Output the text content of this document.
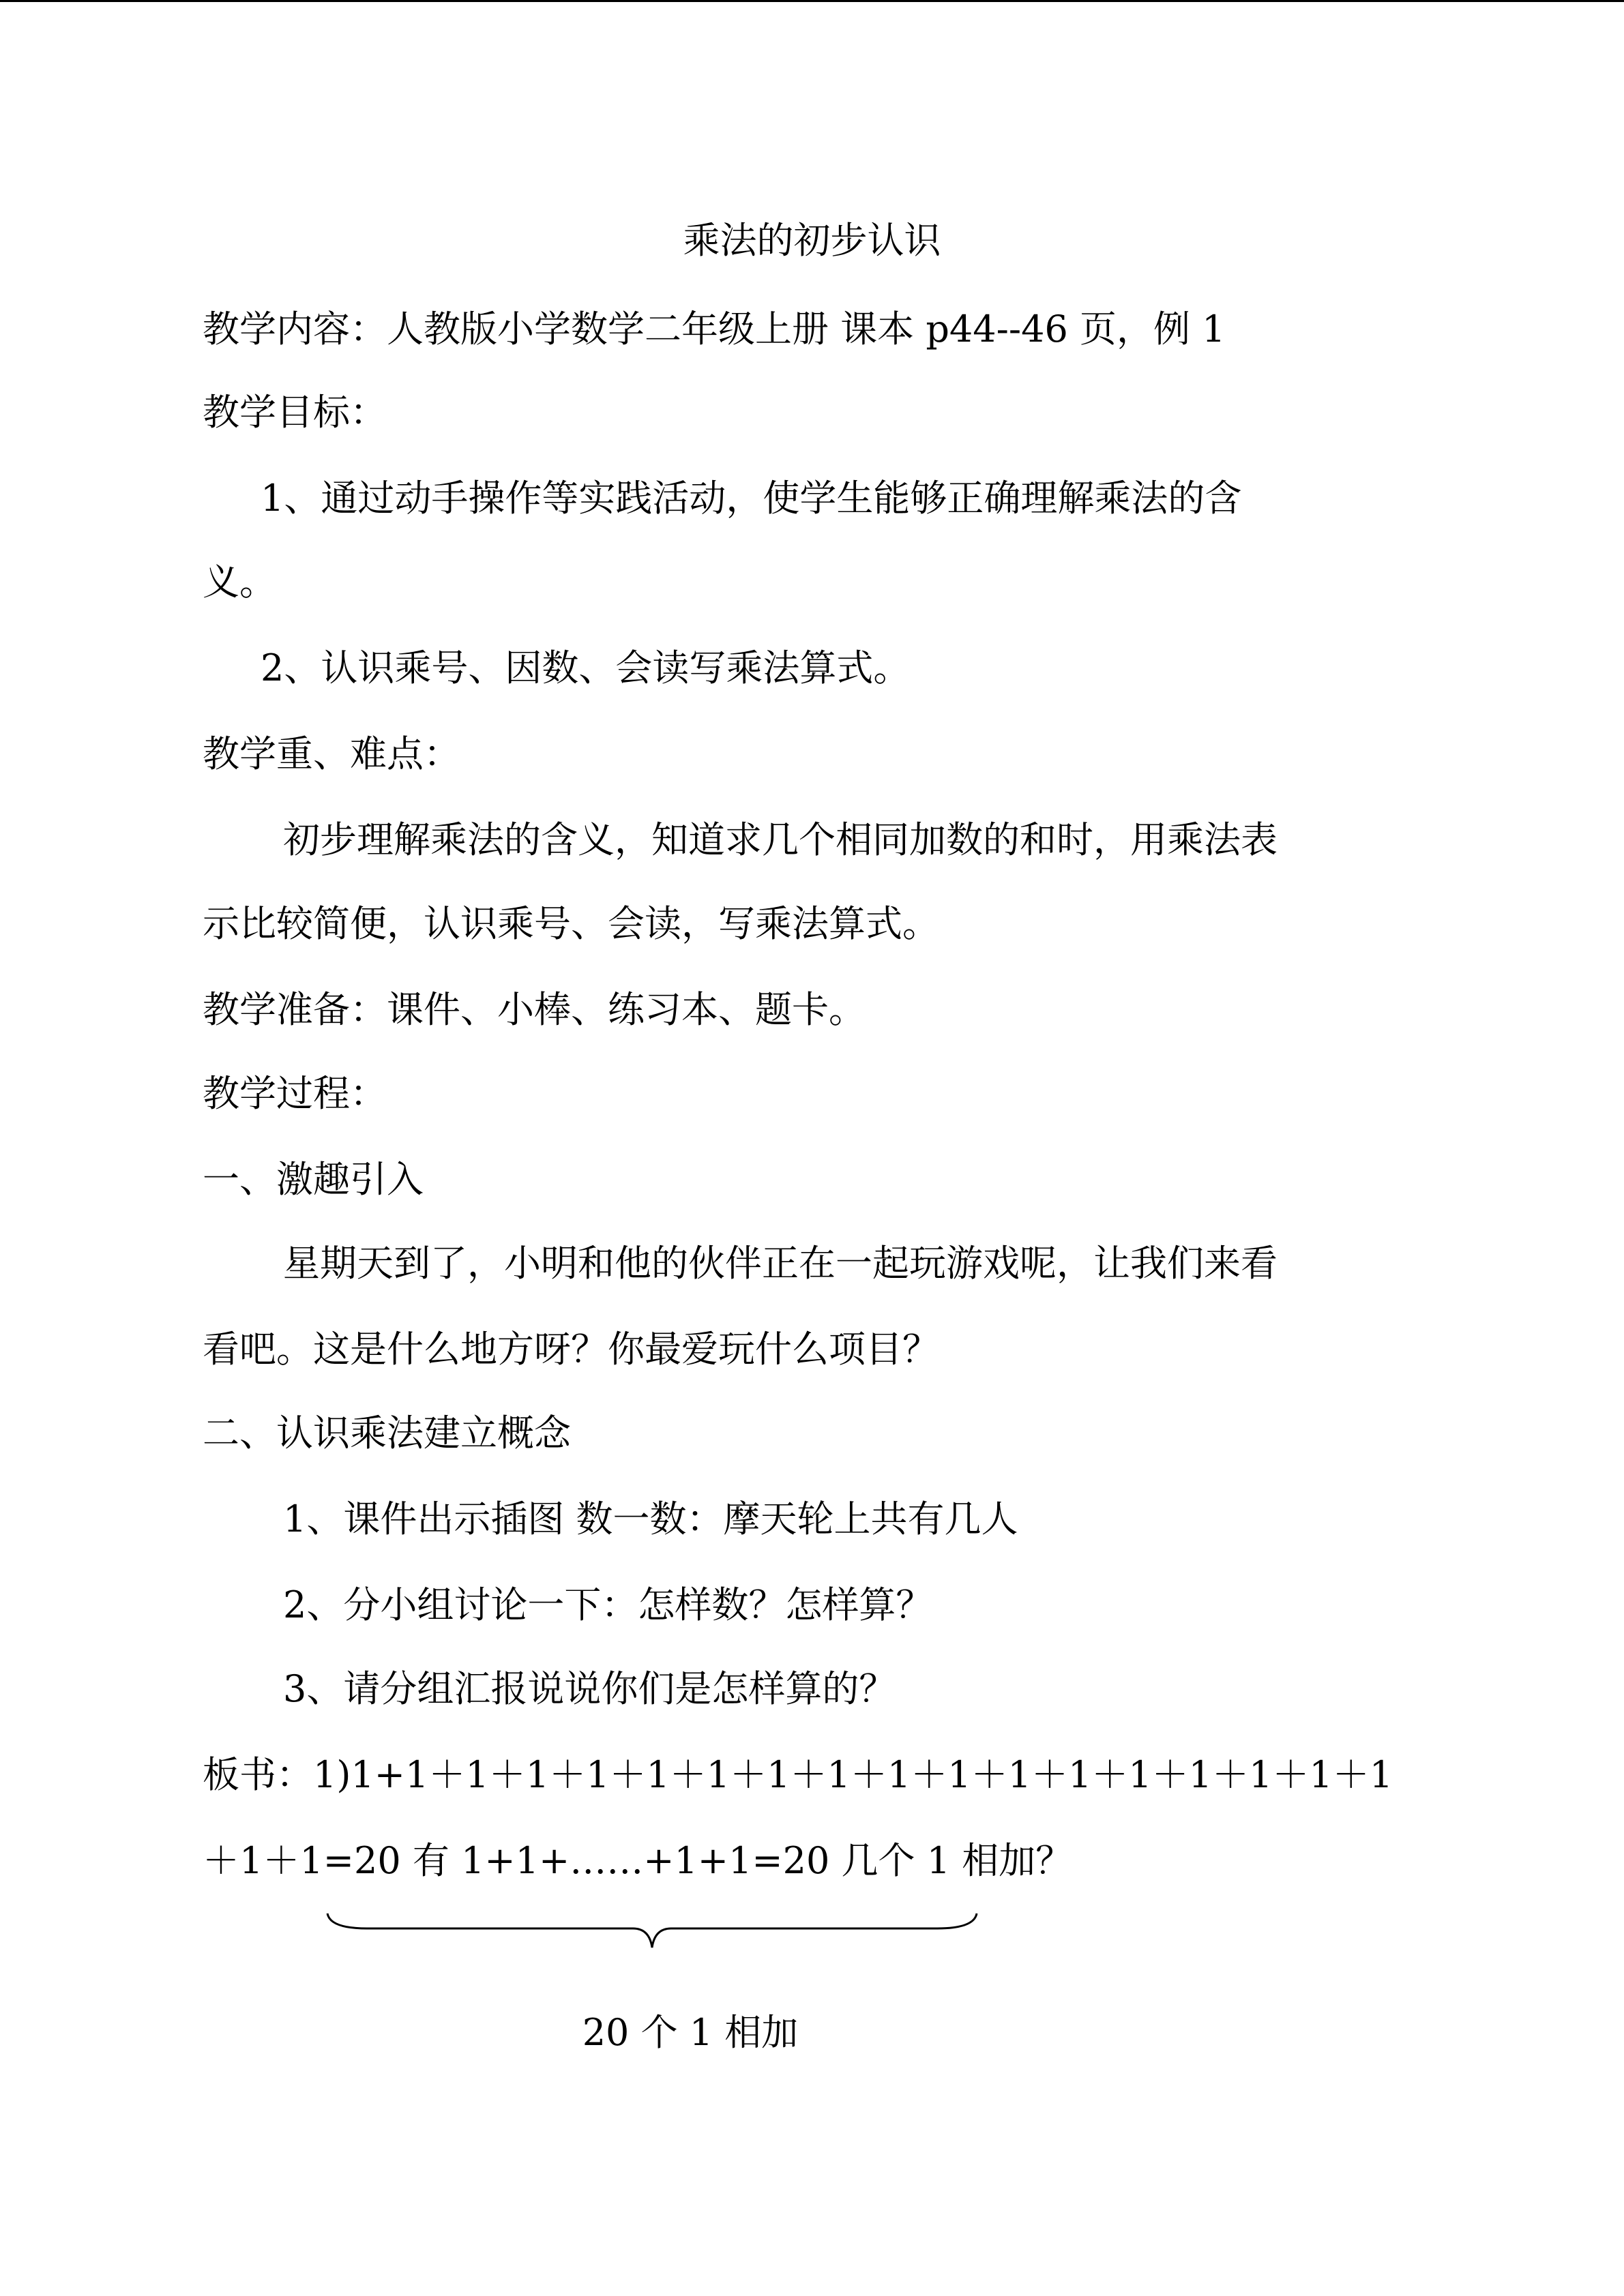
乘法的初步认识
教学内容：人教版小学数学二年级上册 课本 p44--46 页，例 1
教学目标：
1、通过动手操作等实践活动，使学生能够正确理解乘法的含
义。
2、认识乘号、因数、会读写乘法算式。
教学重、难点：
初步理解乘法的含义，知道求几个相同加数的和时，用乘法表
示比较简便，认识乘号、会读，写乘法算式。
教学准备：课件、小棒、练习本、题卡。
教学过程：
一、激趣引入
星期天到了，小明和他的伙伴正在一起玩游戏呢，让我们来看
看吧。这是什么地方呀？你最爱玩什么项目？
二、认识乘法建立概念
1、课件出示插图 数一数：摩天轮上共有几人
2、分小组讨论一下：怎样数？怎样算？
3、请分组汇报说说你们是怎样算的？
板书：1)1+1＋1＋1＋1＋1＋1＋1＋1＋1＋1＋1＋1＋1＋1＋1＋1＋1
＋1＋1=20 有 1+1+……+1+1=20 几个 1 相加？
20 个 1 相加
